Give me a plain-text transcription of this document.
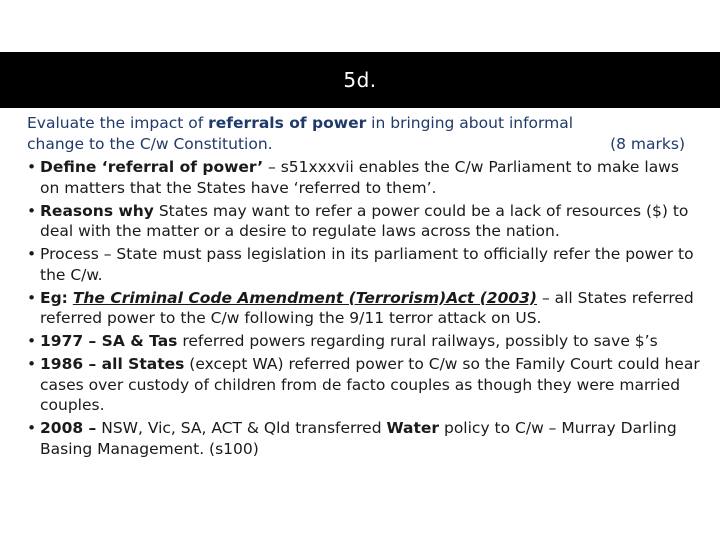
5d.
Evaluate the impact of referrals of power in bringing about informal
change to the C/w Constitution.	(8 marks)
• Define ‘referral of power’ – s51xxxvii enables the C/w Parliament to make laws on matters that the States have ‘referred to them’.
• Reasons why States may want to refer a power could be a lack of resources ($) to deal with the matter or a desire to regulate laws across the nation.
• Process – State must pass legislation in its parliament to officially refer the power to the C/w.
• Eg: The Criminal Code Amendment (Terrorism)Act (2003) – all States referred referred power to the C/w following the 9/11 terror attack on US.
• 1977 – SA & Tas referred powers regarding rural railways, possibly to save $’s
• 1986 – all States (except WA) referred power to C/w so the Family Court could hear cases over custody of children from de facto couples as though they were married couples.
• 2008 – NSW, Vic, SA, ACT & Qld transferred Water policy to C/w – Murray Darling Basing Management. (s100)
